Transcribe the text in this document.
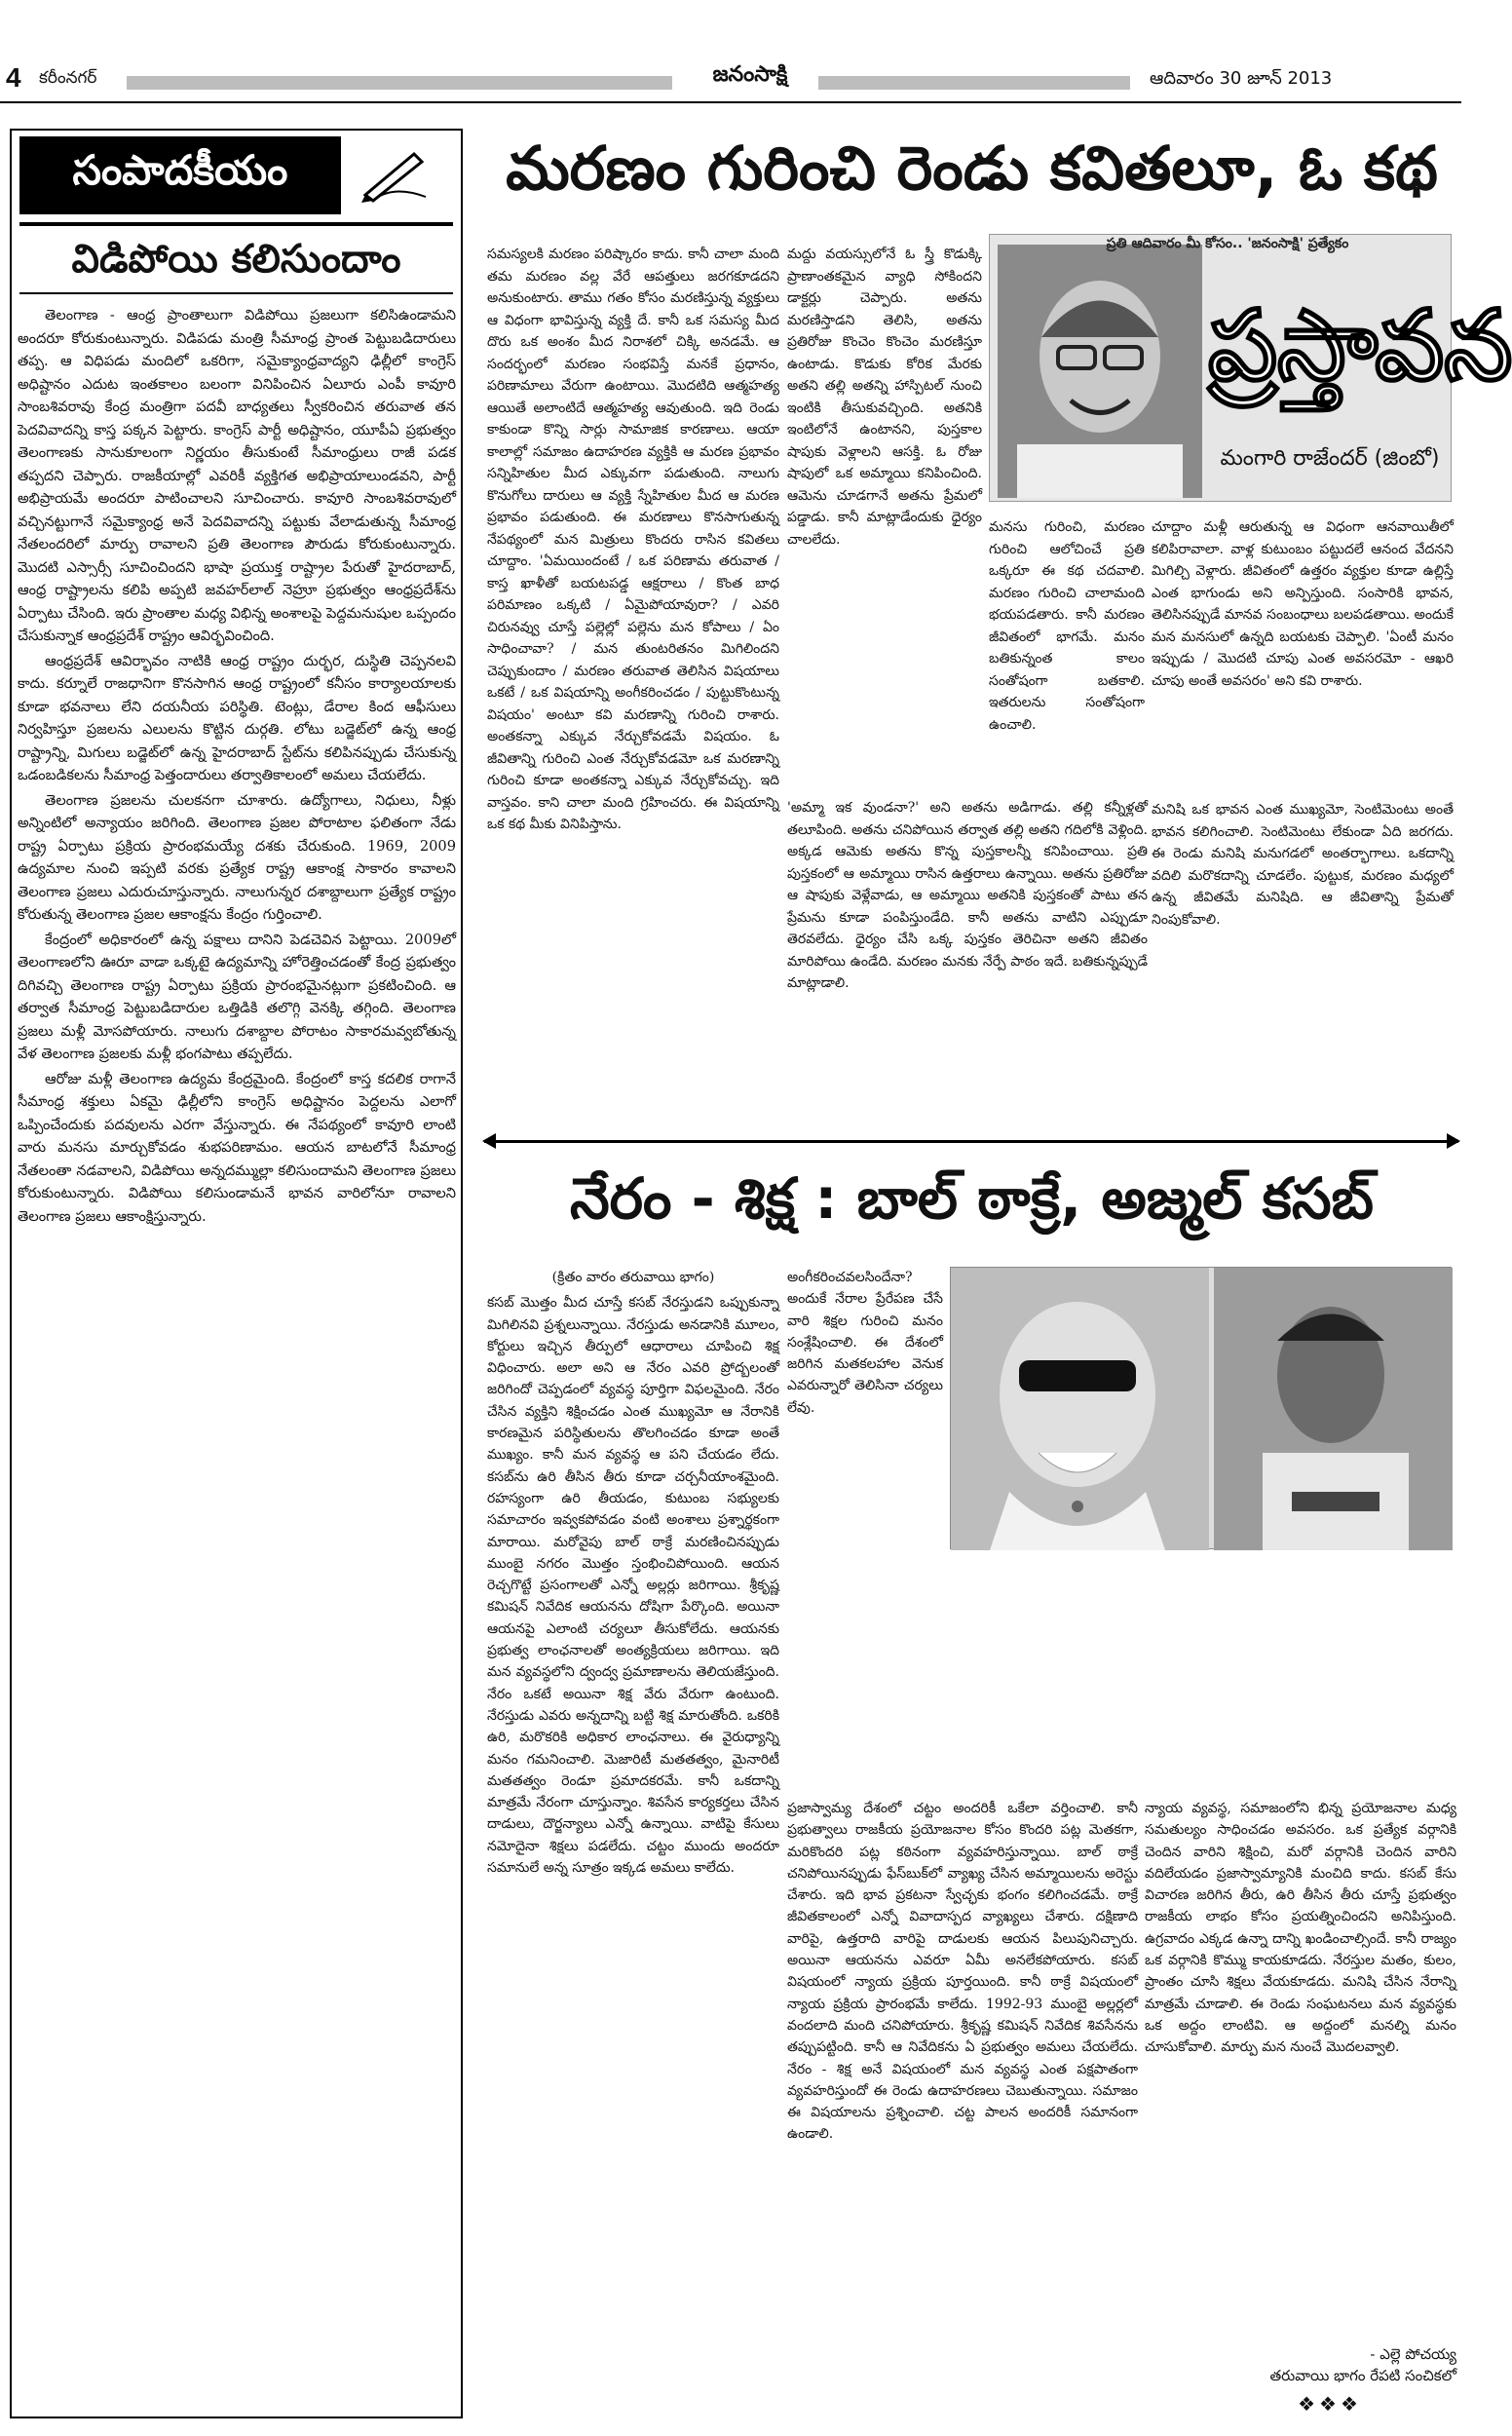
4 కరీంనగర్	జనంసాక్షి	ఆదివారం 30 జూన్ 2013
సంపాదకీయం
విడిపోయి కలిసుందాం

తెలంగాణ - ఆంధ్ర ప్రాంతాలుగా విడిపోయి ప్రజలుగా కలిసిఉండామని అందరూ కోరుకుంటున్నారు. విడిపడు మంత్రి సీమాంధ్ర ప్రాంత పెట్టుబడిదారులు తప్ప. ఆ విధిపడు మందిలో ఒకరిగా, సమైక్యాంధ్రవాద్యని ఢిల్లీలో కాంగ్రెస్ అధిష్టానం ఎదుట ఇంతకాలం బలంగా వినిపించిన ఏలూరు ఎంపీ కావూరి సాంబశివరావు కేంద్ర మంత్రిగా పదవీ బాధ్యతలు స్వీకరించిన తరువాత తన పెదవివాదన్ని కాస్త పక్కన పెట్టారు. కాంగ్రెస్ పార్టీ అధిష్టానం, యూపీఏ ప్రభుత్వం తెలంగాణకు సానుకూలంగా నిర్ణయం తీసుకుంటే సీమాంధ్రులు రాజీ పడక తప్పదని చెప్పారు. రాజకీయాల్లో ఎవరికీ వ్యక్తిగత అభిప్రాయాలుండవని, పార్టీ అభిప్రాయమే అందరూ పాటించాలని సూచించారు. కావూరి సాంబశివరావులో వచ్చినట్టుగానే సమైక్యాంధ్ర అనే పెదవివాదన్ని పట్టుకు వేలాడుతున్న సీమాంధ్ర నేతలందరిలో మార్పు రావాలని ప్రతి తెలంగాణ పౌరుడు కోరుకుంటున్నారు. మొదటి ఎస్సార్సీ సూచించిందని భాషా ప్రయుక్త రాష్ట్రాల పేరుతో హైదరాబాద్, ఆంధ్ర రాష్ట్రాలను కలిపి అప్పటి జవహర్‌లాల్ నెహ్రూ ప్రభుత్వం ఆంధ్రప్రదేశ్‌ను ఏర్పాటు చేసింది. ఇరు ప్రాంతాల మధ్య విభిన్న అంశాలపై పెద్దమనుషుల ఒప్పందం చేసుకున్నాక ఆంధ్రప్రదేశ్ రాష్ట్రం ఆవిర్భవించింది.

ఆంధ్రప్రదేశ్ ఆవిర్భావం నాటికి ఆంధ్ర రాష్ట్రం దుర్భర, దుస్థితి చెప్పనలవి కాదు. కర్నూలే రాజధానిగా కొనసాగిన ఆంధ్ర రాష్ట్రంలో కనీసం కార్యాలయాలకు కూడా భవనాలు లేని దయనీయ పరిస్థితి. టెంట్లు, డేరాల కింద ఆఫీసులు నిర్వహిస్తూ ప్రజలను ఎలులను కొట్టిన దుర్గతి. లోటు బడ్జెట్‌లో ఉన్న ఆంధ్ర రాష్ట్రాన్ని, మిగులు బడ్జెట్‌లో ఉన్న హైదరాబాద్ స్టేట్‌ను కలిపినప్పుడు చేసుకున్న ఒడంబడికలను సీమాంధ్ర పెత్తందారులు తర్వాతికాలంలో అమలు చేయలేదు.

తెలంగాణ ప్రజలను చులకనగా చూశారు. ఉద్యోగాలు, నిధులు, నీళ్లు అన్నింటిలో అన్యాయం జరిగింది. తెలంగాణ ప్రజల పోరాటాల ఫలితంగా నేడు రాష్ట్ర ఏర్పాటు ప్రక్రియ ప్రారంభమయ్యే దశకు చేరుకుంది. 1969, 2009 ఉద్యమాల నుంచి ఇప్పటి వరకు ప్రత్యేక రాష్ట్ర ఆకాంక్ష సాకారం కావాలని తెలంగాణ ప్రజలు ఎదురుచూస్తున్నారు. నాలుగున్నర దశాబ్దాలుగా ప్రత్యేక రాష్ట్రం కోరుతున్న తెలంగాణ ప్రజల ఆకాంక్షను కేంద్రం గుర్తించాలి.

కేంద్రంలో అధికారంలో ఉన్న పక్షాలు దానిని పెడచెవిన పెట్టాయి. 2009లో తెలంగాణలోని ఊరూ వాడా ఒక్కటై ఉద్యమాన్ని హోరెత్తించడంతో కేంద్ర ప్రభుత్వం దిగివచ్చి తెలంగాణ రాష్ట్ర ఏర్పాటు ప్రక్రియ ప్రారంభమైనట్లుగా ప్రకటించింది. ఆ తర్వాత సీమాంధ్ర పెట్టుబడిదారుల ఒత్తిడికి తలొగ్గి వెనక్కి తగ్గింది. తెలంగాణ ప్రజలు మళ్లీ మోసపోయారు. నాలుగు దశాబ్దాల పోరాటం సాకారమవ్వబోతున్న వేళ తెలంగాణ ప్రజలకు మళ్లీ భంగపాటు తప్పలేదు.

ఆరోజు మళ్లీ తెలంగాణ ఉద్యమ కేంద్రమైంది. కేంద్రంలో కాస్త కదలిక రాగానే సీమాంధ్ర శక్తులు ఏకమై ఢిల్లీలోని కాంగ్రెస్ అధిష్టానం పెద్దలను ఎలాగో ఒప్పించేందుకు పదవులను ఎరగా వేస్తున్నారు. ఈ నేపథ్యంలో కావూరి లాంటి వారు మనసు మార్చుకోవడం శుభపరిణామం. ఆయన బాటలోనే సీమాంధ్ర నేతలంతా నడవాలని, విడిపోయి అన్నదమ్ముల్లా కలిసుందామని తెలంగాణ ప్రజలు కోరుకుంటున్నారు. విడిపోయి కలిసుండామనే భావన వారిలోనూ రావాలని తెలంగాణ ప్రజలు ఆకాంక్షిస్తున్నారు.

మరణం గురించి రెండు కవితలూ, ఓ కథ
సమస్యలకి మరణం పరిష్కారం కాదు. కానీ చాలా మంది తమ మరణం వల్ల వేరే ఆపత్తులు జరగకూడదని అనుకుంటారు. తాము గతం కోసం మరణిస్తున్న వ్యక్తులు ఆ విధంగా భావిస్తున్న వ్యక్తి దే. కానీ ఒక సమస్య మీద దొరు ఒక అంశం మీద నిరాశలో చిక్కి అనడమే. ఆ సందర్భంలో మరణం సంభవిస్తే మనకే ప్రధానం, పరిణామాలు వేరుగా ఉంటాయి. మొదటిది ఆత్మహత్య ఆయితే అలాంటిదే ఆత్మహత్య ఆవుతుంది. ఇది రెండు కాకుండా కొన్ని సార్లు సామాజిక కారణాలు. ఆయా కాలాల్లో సమాజం ఉదాహరణ వ్యక్తికి ఆ మరణ ప్రభావం సన్నిహితుల మీద ఎక్కువగా పడుతుంది. నాలుగు కొనుగోలు దారులు ఆ వ్యక్తి స్నేహితుల మీద ఆ మరణ ప్రభావం పడుతుంది. ఈ మరణాలు కొనసాగుతున్న నేపథ్యంలో మన మిత్రులు కొందరు రాసిన కవితలు చూద్దాం. 'ఏమయిందంటే / ఒక పరిణామ తరువాత / కాస్త ఖాళీతో బయటపడ్డ ఆక్షరాలు / కొంత బాధ పరిమాణం ఒక్కటి / ఏమైపోయావురా? / ఎవరి చిరునవ్వు చూస్తే పల్లెల్లో పల్లెను మన కోపాలు / ఏం సాధించావా? / మన తుంటరితనం మిగిలిందని చెప్పుకుందాం / మరణం తరువాత తెలిసిన విషయాలు ఒకటే / ఒక విషయాన్ని అంగీకరించడం / పుట్టుకొంటున్న విషయం' అంటూ కవి మరణాన్ని గురించి రాశారు. అంతకన్నా ఎక్కువ నేర్చుకోవడమే విషయం. ఓ జీవితాన్ని గురించి ఎంత నేర్చుకోవడమో ఒక మరణాన్ని గురించి కూడా అంతకన్నా ఎక్కువ నేర్చుకోవచ్చు. ఇది వాస్తవం. కాని చాలా మంది గ్రహించరు. ఈ విషయాన్ని ఒక కథ మీకు వినిపిస్తాను.
మద్దు వయస్సులోనే ఓ స్త్రీ కొడుక్కి ప్రాణాంతకమైన వ్యాధి సోకిందని డాక్టర్లు చెప్పారు. అతను మరణిస్తాడని తెలిసి, అతను ప్రతిరోజు కొంచెం కొంచెం మరణిస్తూ ఉంటాడు. కొడుకు కోరిక మేరకు అతని తల్లి అతన్ని హాస్పిటల్ నుంచి ఇంటికి తీసుకువచ్చింది. అతనికి ఇంటిలోనే ఉంటానని, పుస్తకాల షాపుకు వెళ్లాలని ఆసక్తి. ఓ రోజు షాపులో ఒక అమ్మాయి కనిపించింది. ఆమెను చూడగానే అతను ప్రేమలో పడ్డాడు. కానీ మాట్లాడేందుకు ధైర్యం చాలలేదు.
ప్రతి ఆదివారం మీ కోసం.. 'జనంసాక్షి' ప్రత్యేకం
ప్రస్తావన
మంగారి రాజేందర్ (జింబో)
మనసు గురించి, మరణం గురించి ఆలోచించే ప్రతి ఒక్కరూ ఈ కథ చదవాలి. మరణం గురించి చాలామంది భయపడతారు. కానీ మరణం జీవితంలో భాగమే. మనం బతికున్నంత కాలం సంతోషంగా బతకాలి. ఇతరులను సంతోషంగా ఉంచాలి.
చూద్దాం మళ్లీ ఆరుతున్న ఆ విధంగా ఆనవాయితీలో కలిపిరావాలా. వాళ్ల కుటుంబం పట్టుదలే ఆనంద వేదనని మిగిల్చి వెళ్లారు. జీవితంలో ఉత్తరం వ్యక్తుల కూడా ఉల్లిస్తే ఎంత భాగుండు అని అన్పిస్తుంది. సంసారికి భావన, తెలిసినప్పుడే మానవ సంబంధాలు బలపడతాయి. అందుకే మన మనసులో ఉన్నది బయటకు చెప్పాలి. 'ఏంటీ మనం ఇప్పుడు / మొదటి చూపు ఎంత అవసరమో - ఆఖరి చూపు అంతే అవసరం' అని కవి రాశారు.
'అమ్మా ఇక వుండనా?' అని అతను అడిగాడు. తల్లి కన్నీళ్లతో తలూపింది. అతను చనిపోయిన తర్వాత తల్లి అతని గదిలోకి వెళ్లింది. అక్కడ ఆమెకు అతను కొన్న పుస్తకాలన్నీ కనిపించాయి. ప్రతి పుస్తకంలో ఆ అమ్మాయి రాసిన ఉత్తరాలు ఉన్నాయి. అతను ప్రతిరోజు ఆ షాపుకు వెళ్లేవాడు, ఆ అమ్మాయి అతనికి పుస్తకంతో పాటు తన ప్రేమను కూడా పంపిస్తుండేది. కానీ అతను వాటిని ఎప్పుడూ తెరవలేదు. ధైర్యం చేసి ఒక్క పుస్తకం తెరిచినా అతని జీవితం మారిపోయి ఉండేది. మరణం మనకు నేర్పే పాఠం ఇదే. బతికున్నప్పుడే మాట్లాడాలి.
మనిషి ఒక భావన ఎంత ముఖ్యమో, సెంటిమెంటు అంతే భావన కలిగించాలి. సెంటిమెంటు లేకుండా ఏది జరగదు. ఈ రెండు మనిషి మనుగడలో అంతర్భాగాలు. ఒకదాన్ని వదిలి మరొకదాన్ని చూడలేం. పుట్టుక, మరణం మధ్యలో ఉన్న జీవితమే మనిషిది. ఆ జీవితాన్ని ప్రేమతో నింపుకోవాలి.
నేరం - శిక్ష : బాల్ ఠాక్రే, అజ్మల్ కసబ్
(క్రితం వారం తరువాయి భాగం)
కసబ్ మొత్తం మీద చూస్తే కసబ్ నేరస్తుడని ఒప్పుకున్నా మిగిలినవి ప్రశ్నలున్నాయి. నేరస్తుడు అనడానికి మూలం, కోర్టులు ఇచ్చిన తీర్పులో ఆధారాలు చూపించి శిక్ష విధించారు. అలా అని ఆ నేరం ఎవరి ప్రోద్బలంతో జరిగిందో చెప్పడంలో వ్యవస్థ పూర్తిగా విఫలమైంది. నేరం చేసిన వ్యక్తిని శిక్షించడం ఎంత ముఖ్యమో ఆ నేరానికి కారణమైన పరిస్థితులను తొలగించడం కూడా అంతే ముఖ్యం. కానీ మన వ్యవస్థ ఆ పని చేయడం లేదు. కసబ్‌ను ఉరి తీసిన తీరు కూడా చర్చనీయాంశమైంది. రహస్యంగా ఉరి తీయడం, కుటుంబ సభ్యులకు సమాచారం ఇవ్వకపోవడం వంటి అంశాలు ప్రశ్నార్థకంగా మారాయి. మరోవైపు బాల్ ఠాక్రే మరణించినప్పుడు ముంబై నగరం మొత్తం స్తంభించిపోయింది. ఆయన రెచ్చగొట్టే ప్రసంగాలతో ఎన్నో అల్లర్లు జరిగాయి. శ్రీకృష్ణ కమిషన్ నివేదిక ఆయనను దోషిగా పేర్కొంది. అయినా ఆయనపై ఎలాంటి చర్యలూ తీసుకోలేదు. ఆయనకు ప్రభుత్వ లాంఛనాలతో అంత్యక్రియలు జరిగాయి. ఇది మన వ్యవస్థలోని ద్వంద్వ ప్రమాణాలను తెలియజేస్తుంది. నేరం ఒకటే అయినా శిక్ష వేరు వేరుగా ఉంటుంది. నేరస్తుడు ఎవరు అన్నదాన్ని బట్టి శిక్ష మారుతోంది. ఒకరికి ఉరి, మరొకరికి అధికార లాంఛనాలు. ఈ వైరుధ్యాన్ని మనం గమనించాలి. మెజారిటీ మతతత్వం, మైనారిటీ మతతత్వం రెండూ ప్రమాదకరమే. కానీ ఒకదాన్ని మాత్రమే నేరంగా చూస్తున్నాం. శివసేన కార్యకర్తలు చేసిన దాడులు, దౌర్జన్యాలు ఎన్నో ఉన్నాయి. వాటిపై కేసులు నమోదైనా శిక్షలు పడలేదు. చట్టం ముందు అందరూ సమానులే అన్న సూత్రం ఇక్కడ అమలు కాలేదు.
అంగీకరించవలసిందేనా? అందుకే నేరాల ప్రేరేపణ చేసే వారి శిక్షల గురించి మనం సంశ్లేషించాలి. ఈ దేశంలో జరిగిన మతకలహాల వెనుక ఎవరున్నారో తెలిసినా చర్యలు లేవు.
ప్రజాస్వామ్య దేశంలో చట్టం అందరికీ ఒకేలా వర్తించాలి. కానీ ప్రభుత్వాలు రాజకీయ ప్రయోజనాల కోసం కొందరి పట్ల మెతకగా, మరికొందరి పట్ల కఠినంగా వ్యవహరిస్తున్నాయి. బాల్ ఠాక్రే చనిపోయినప్పుడు ఫేస్‌బుక్‌లో వ్యాఖ్య చేసిన అమ్మాయిలను అరెస్టు చేశారు. ఇది భావ ప్రకటనా స్వేచ్ఛకు భంగం కలిగించడమే. ఠాక్రే జీవితకాలంలో ఎన్నో వివాదాస్పద వ్యాఖ్యలు చేశారు. దక్షిణాది వారిపై, ఉత్తరాది వారిపై దాడులకు ఆయన పిలుపునిచ్చారు. అయినా ఆయనను ఎవరూ ఏమీ అనలేకపోయారు. కసబ్ విషయంలో న్యాయ ప్రక్రియ పూర్తయింది. కానీ ఠాక్రే విషయంలో న్యాయ ప్రక్రియ ప్రారంభమే కాలేదు. 1992-93 ముంబై అల్లర్లలో వందలాది మంది చనిపోయారు. శ్రీకృష్ణ కమిషన్ నివేదిక శివసేనను తప్పుపట్టింది. కానీ ఆ నివేదికను ఏ ప్రభుత్వం అమలు చేయలేదు. నేరం - శిక్ష అనే విషయంలో మన వ్యవస్థ ఎంత పక్షపాతంగా వ్యవహరిస్తుందో ఈ రెండు ఉదాహరణలు చెబుతున్నాయి. సమాజం ఈ విషయాలను ప్రశ్నించాలి. చట్ట పాలన అందరికీ సమానంగా ఉండాలి.
న్యాయ వ్యవస్థ, సమాజంలోని భిన్న ప్రయోజనాల మధ్య సమతుల్యం సాధించడం అవసరం. ఒక ప్రత్యేక వర్గానికి చెందిన వారిని శిక్షించి, మరో వర్గానికి చెందిన వారిని వదిలేయడం ప్రజాస్వామ్యానికి మంచిది కాదు. కసబ్ కేసు విచారణ జరిగిన తీరు, ఉరి తీసిన తీరు చూస్తే ప్రభుత్వం రాజకీయ లాభం కోసం ప్రయత్నించిందని అనిపిస్తుంది. ఉగ్రవాదం ఎక్కడ ఉన్నా దాన్ని ఖండించాల్సిందే. కానీ రాజ్యం ఒక వర్గానికి కొమ్ము కాయకూడదు. నేరస్తుల మతం, కులం, ప్రాంతం చూసి శిక్షలు వేయకూడదు. మనిషి చేసిన నేరాన్ని మాత్రమే చూడాలి. ఈ రెండు సంఘటనలు మన వ్యవస్థకు ఒక అద్దం లాంటివి. ఆ అద్దంలో మనల్ని మనం చూసుకోవాలి. మార్పు మన నుంచే మొదలవ్వాలి.
- ఎల్లె పోచయ్య
తరువాయి భాగం రేపటి సంచికలో
❖❖❖
